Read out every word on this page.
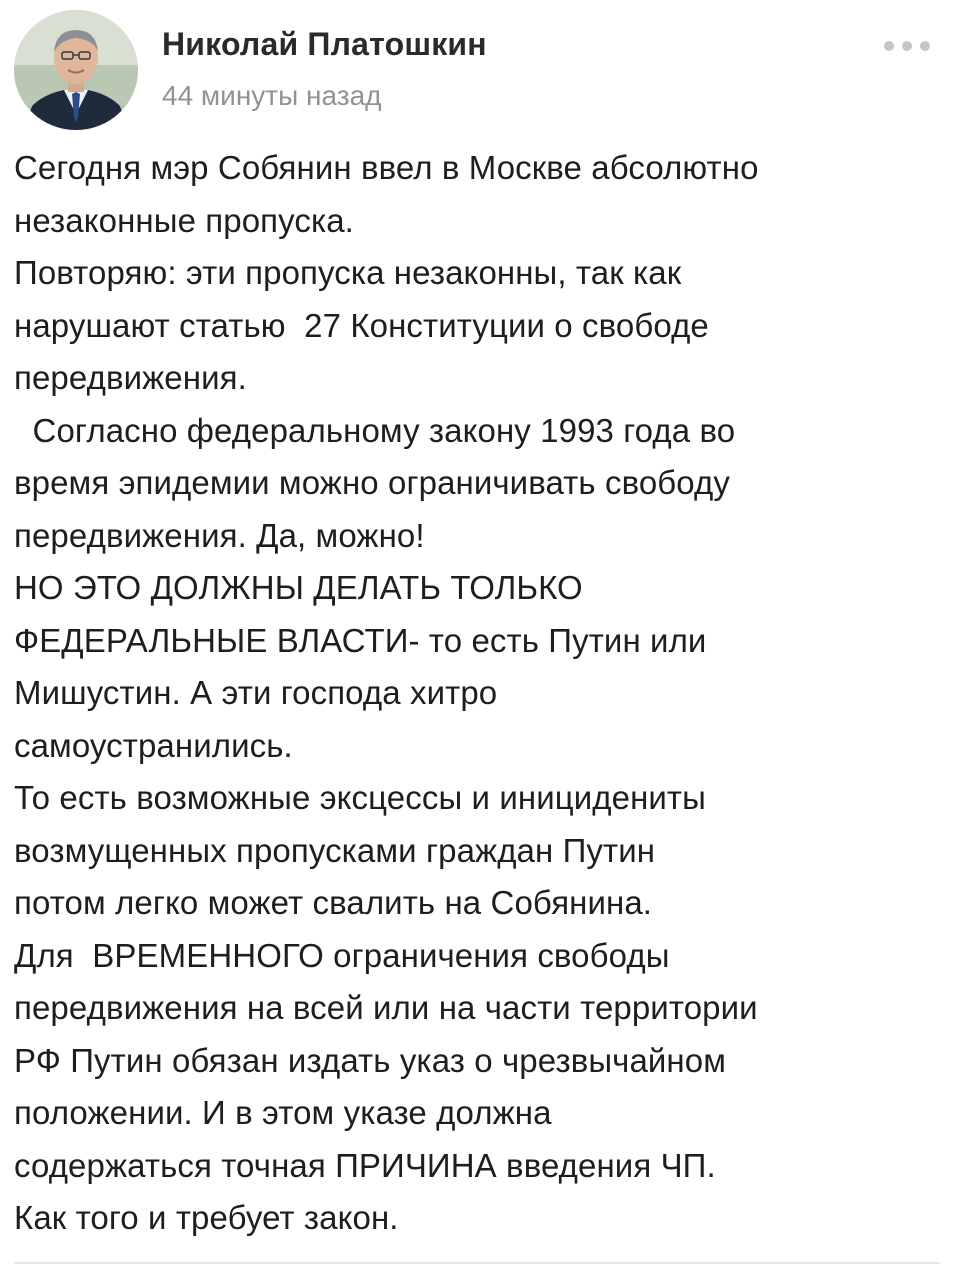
Николай Платошкин
44 минуты назад
Сегодня мэр Собянин ввел в Москве абсолютно
незаконные пропуска.
Повторяю: эти пропуска незаконны, так как
нарушают статью  27 Конституции о свободе
передвижения.
Согласно федеральному закону 1993 года во
время эпидемии можно ограничивать свободу
передвижения. Да, можно!
НО ЭТО ДОЛЖНЫ ДЕЛАТЬ ТОЛЬКО
ФЕДЕРАЛЬНЫЕ ВЛАСТИ- то есть Путин или
Мишустин. А эти господа хитро
самоустранились.
То есть возможные эксцессы и иницидениты
возмущенных пропусками граждан Путин
потом легко может свалить на Собянина.
Для  ВРЕМЕННОГО ограничения свободы
передвижения на всей или на части территории
РФ Путин обязан издать указ о чрезвычайном
положении. И в этом указе должна
содержаться точная ПРИЧИНА введения ЧП.
Как того и требует закон.
